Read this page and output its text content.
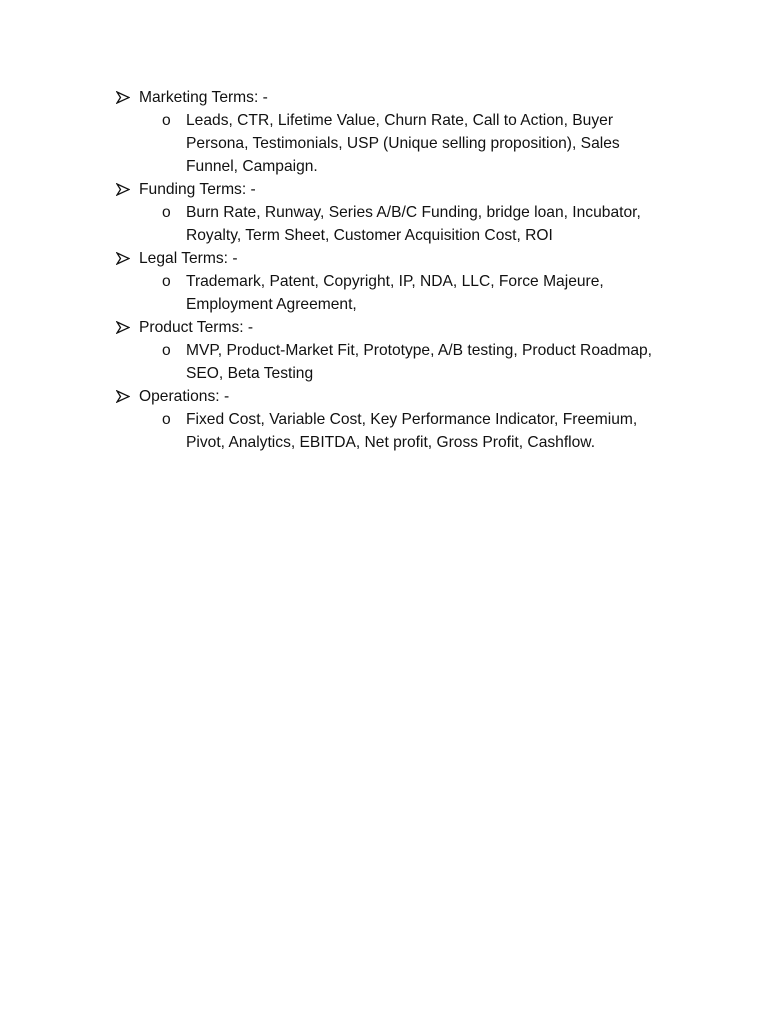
Marketing Terms: -
o Leads, CTR, Lifetime Value, Churn Rate, Call to Action, Buyer Persona, Testimonials, USP (Unique selling proposition), Sales Funnel, Campaign.
Funding Terms: -
o Burn Rate, Runway, Series A/B/C Funding, bridge loan, Incubator, Royalty, Term Sheet, Customer Acquisition Cost, ROI
Legal Terms: -
o Trademark, Patent, Copyright, IP, NDA, LLC, Force Majeure, Employment Agreement,
Product Terms: -
o MVP, Product-Market Fit, Prototype, A/B testing, Product Roadmap, SEO, Beta Testing
Operations: -
o Fixed Cost, Variable Cost, Key Performance Indicator, Freemium, Pivot, Analytics, EBITDA, Net profit, Gross Profit, Cashflow.
